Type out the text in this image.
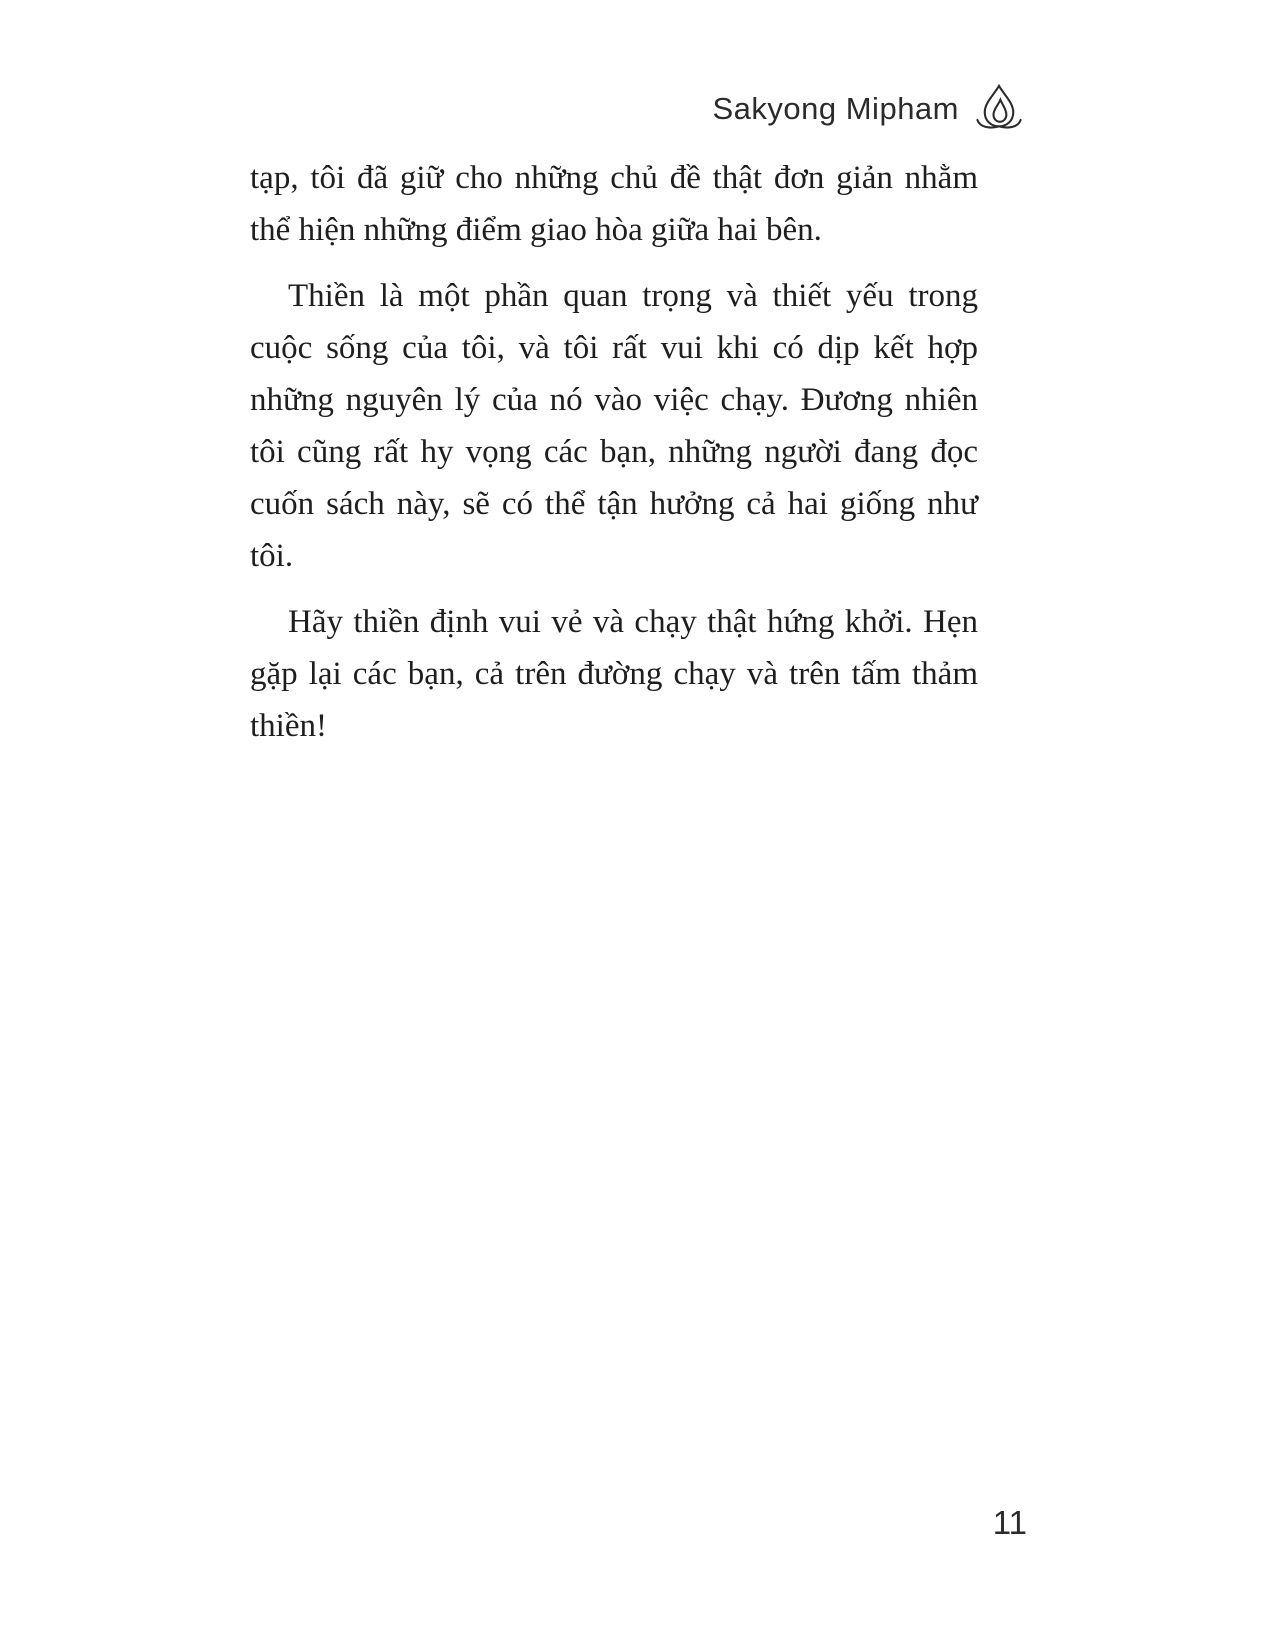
Sakyong Mipham

tạp, tôi đã giữ cho những chủ đề thật đơn giản nhằm thể hiện những điểm giao hòa giữa hai bên.

Thiền là một phần quan trọng và thiết yếu trong cuộc sống của tôi, và tôi rất vui khi có dịp kết hợp những nguyên lý của nó vào việc chạy. Đương nhiên tôi cũng rất hy vọng các bạn, những người đang đọc cuốn sách này, sẽ có thể tận hưởng cả hai giống như tôi.

Hãy thiền định vui vẻ và chạy thật hứng khởi. Hẹn gặp lại các bạn, cả trên đường chạy và trên tấm thảm thiền!

11
